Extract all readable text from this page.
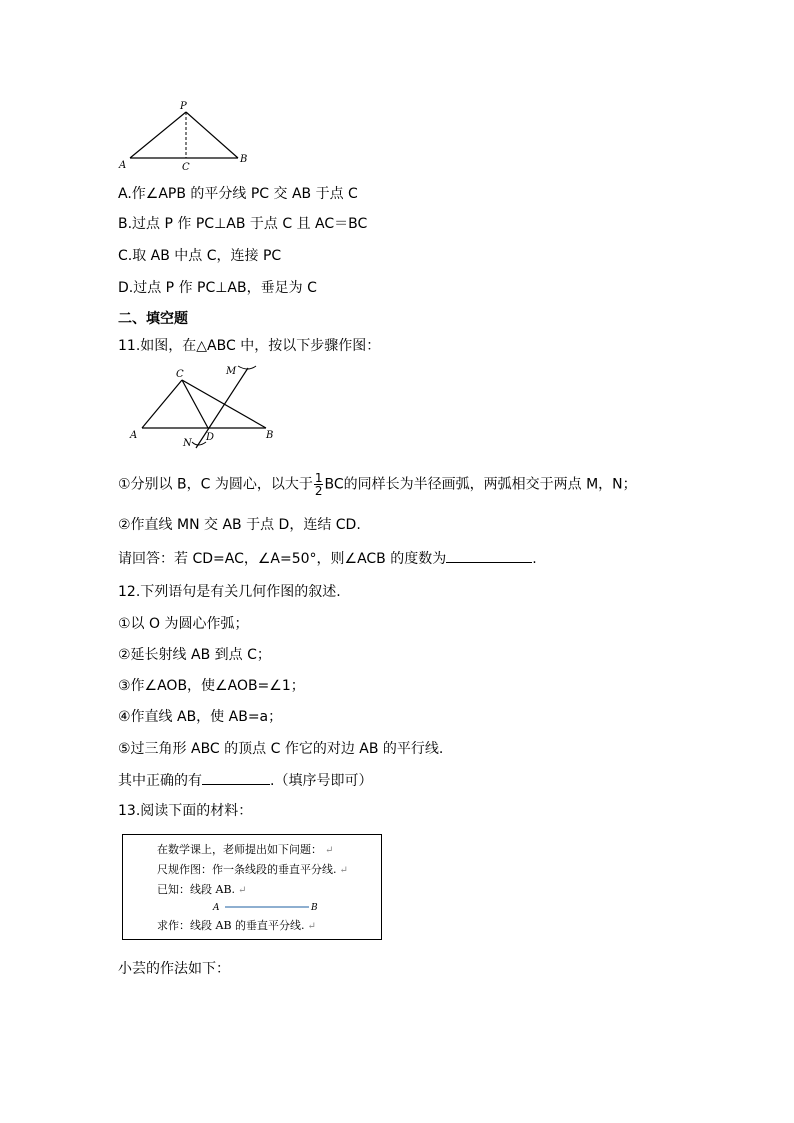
P
A
B
C
A.作∠APB 的平分线 PC 交 AB 于点 C
B.过点 P 作 PC⊥AB 于点 C 且 AC＝BC
C.取 AB 中点 C，连接 PC
D.过点 P 作 PC⊥AB，垂足为 C
二、填空题
11.如图，在△ABC 中，按以下步骤作图：
C	M
A	B
D
N
①分别以 B，C 为圆心，以大于 $\frac{1}{2}$ BC的同样长为半径画弧，两弧相交于两点 M，N；
②作直线 MN 交 AB 于点 D，连结 CD.
请回答：若 CD=AC，∠A=50°，则∠ACB 的度数为	.
12.下列语句是有关几何作图的叙述.
①以 O 为圆心作弧；
②延长射线 AB 到点 C；
③作∠AOB，使∠AOB=∠1；
④作直线 AB，使 AB=a；
⑤过三角形 ABC 的顶点 C 作它的对边 AB 的平行线.
其中正确的有	.（填序号即可）
13.阅读下面的材料：
在数学课上，老师提出如下问题： ↵
尺规作图：作一条线段的垂直平分线. ↵
已知：线段 AB. ↵
A	B
求作：线段 AB 的垂直平分线. ↵
小芸的作法如下：
